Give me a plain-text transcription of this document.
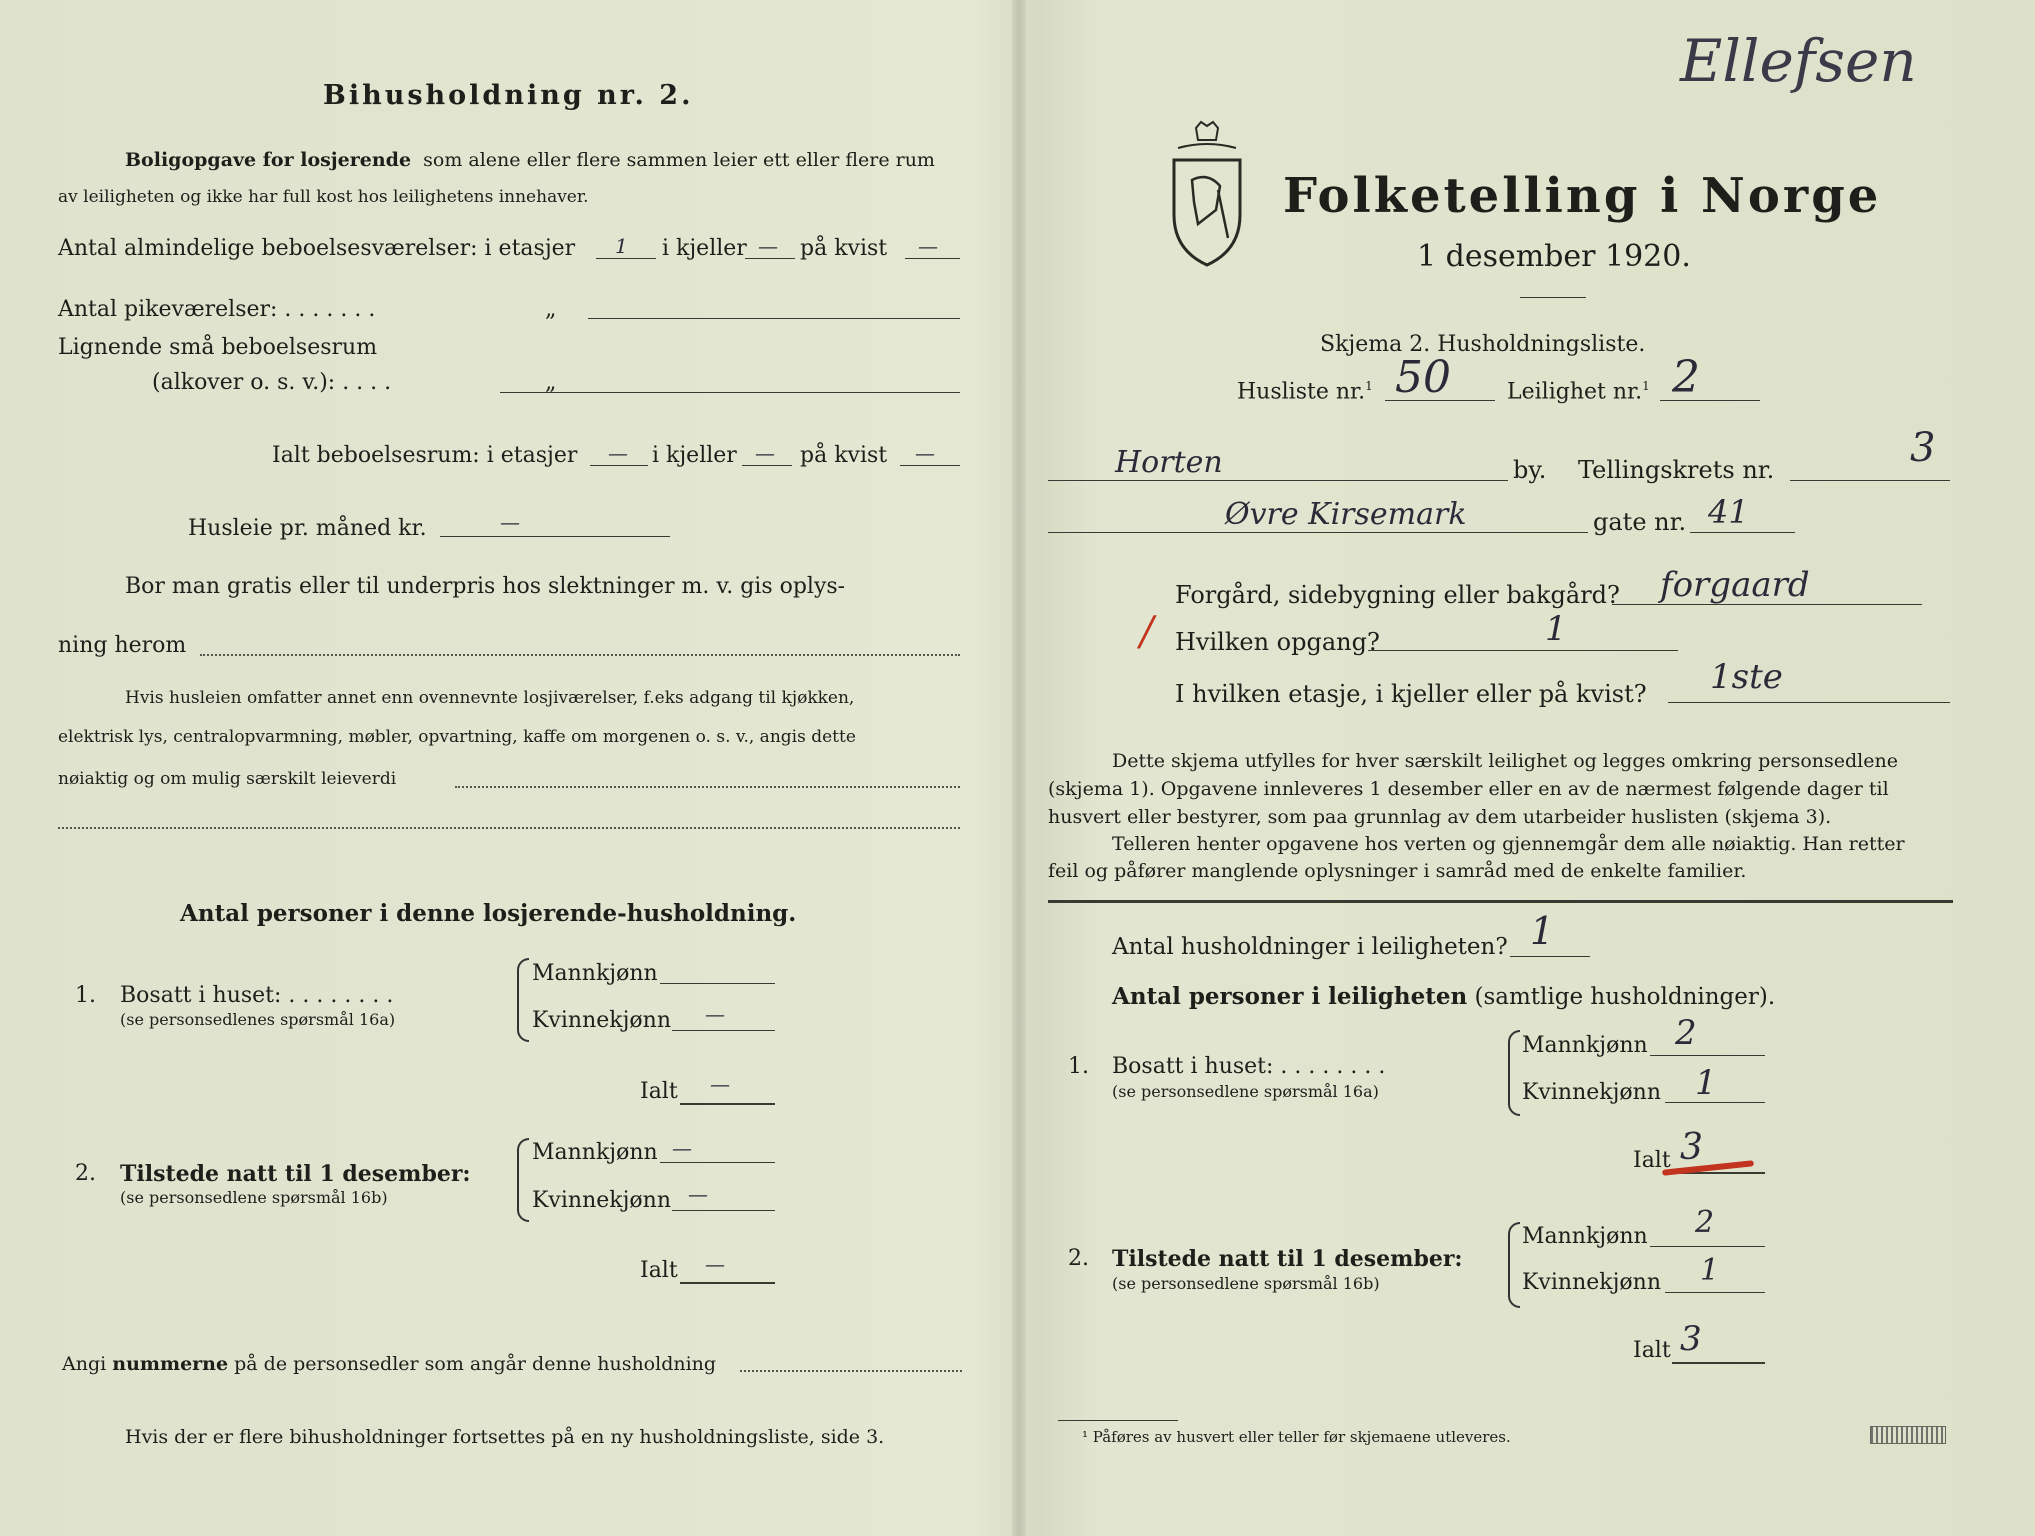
Bihusholdning nr. 2.
Boligopgave for losjerende som alene eller flere sammen leier ett eller flere rum
av leiligheten og ikke har full kost hos leilighetens innehaver.
Antal almindelige beboelsesværelser: i etasjer 1 i kjeller — på kvist —
Antal pikeværelser: . . . . . . .	„
Lignende små beboelsesrum
(alkover o. s. v.): . . . .	„
Ialt beboelsesrum: i etasjer — i kjeller — på kvist —
Husleie pr. måned kr.	—
Bor man gratis eller til underpris hos slektninger m. v. gis oplys-
ning herom
Hvis husleien omfatter annet enn ovennevnte losjiværelser, f.eks adgang til kjøkken,
elektrisk lys, centralopvarmning, møbler, opvartning, kaffe om morgenen o. s. v., angis dette
nøiaktig og om mulig særskilt leieverdi
Antal personer i denne losjerende-husholdning.
1. Bosatt i huset: . . . . . . . .
(se personsedlenes spørsmål 16a)
Mannkjønn
Kvinnekjønn —
Ialt —
2. Tilstede natt til 1 desember:
(se personsedlene spørsmål 16b)
Mannkjønn —
Kvinnekjønn —
Ialt —
Angi nummerne på de personsedler som angår denne husholdning
Hvis der er flere bihusholdninger fortsettes på en ny husholdningsliste, side 3.
Ellefsen
Folketelling i Norge
1 desember 1920.
Skjema 2. Husholdningsliste.
Husliste nr.$^1$ 50	Leilighet nr.$^1$ 2
Horten	by. Tellingskrets nr.	3
Øvre Kirsemark	gate nr. 41
Forgård, sidebygning eller bakgård? forgaard
/ Hvilken opgang?	1
I hvilken etasje, i kjeller eller på kvist? 1ste
Dette skjema utfylles for hver særskilt leilighet og legges omkring personsedlene
(skjema 1). Opgavene innleveres 1 desember eller en av de nærmest følgende dager til
husvert eller bestyrer, som paa grunnlag av dem utarbeider huslisten (skjema 3).
Telleren henter opgavene hos verten og gjennemgår dem alle nøiaktig. Han retter
feil og påfører manglende oplysninger i samråd med de enkelte familier.
Antal husholdninger i leiligheten? 1
Antal personer i leiligheten (samtlige husholdninger).
1. Bosatt i huset: . . . . . . . .
(se personsedlene spørsmål 16a)
Mannkjønn 2
Kvinnekjønn 1
Ialt 3
2. Tilstede natt til 1 desember:
(se personsedlene spørsmål 16b)
Mannkjønn 2
Kvinnekjønn 1
Ialt 3
¹ Påføres av husvert eller teller før skjemaene utleveres.
